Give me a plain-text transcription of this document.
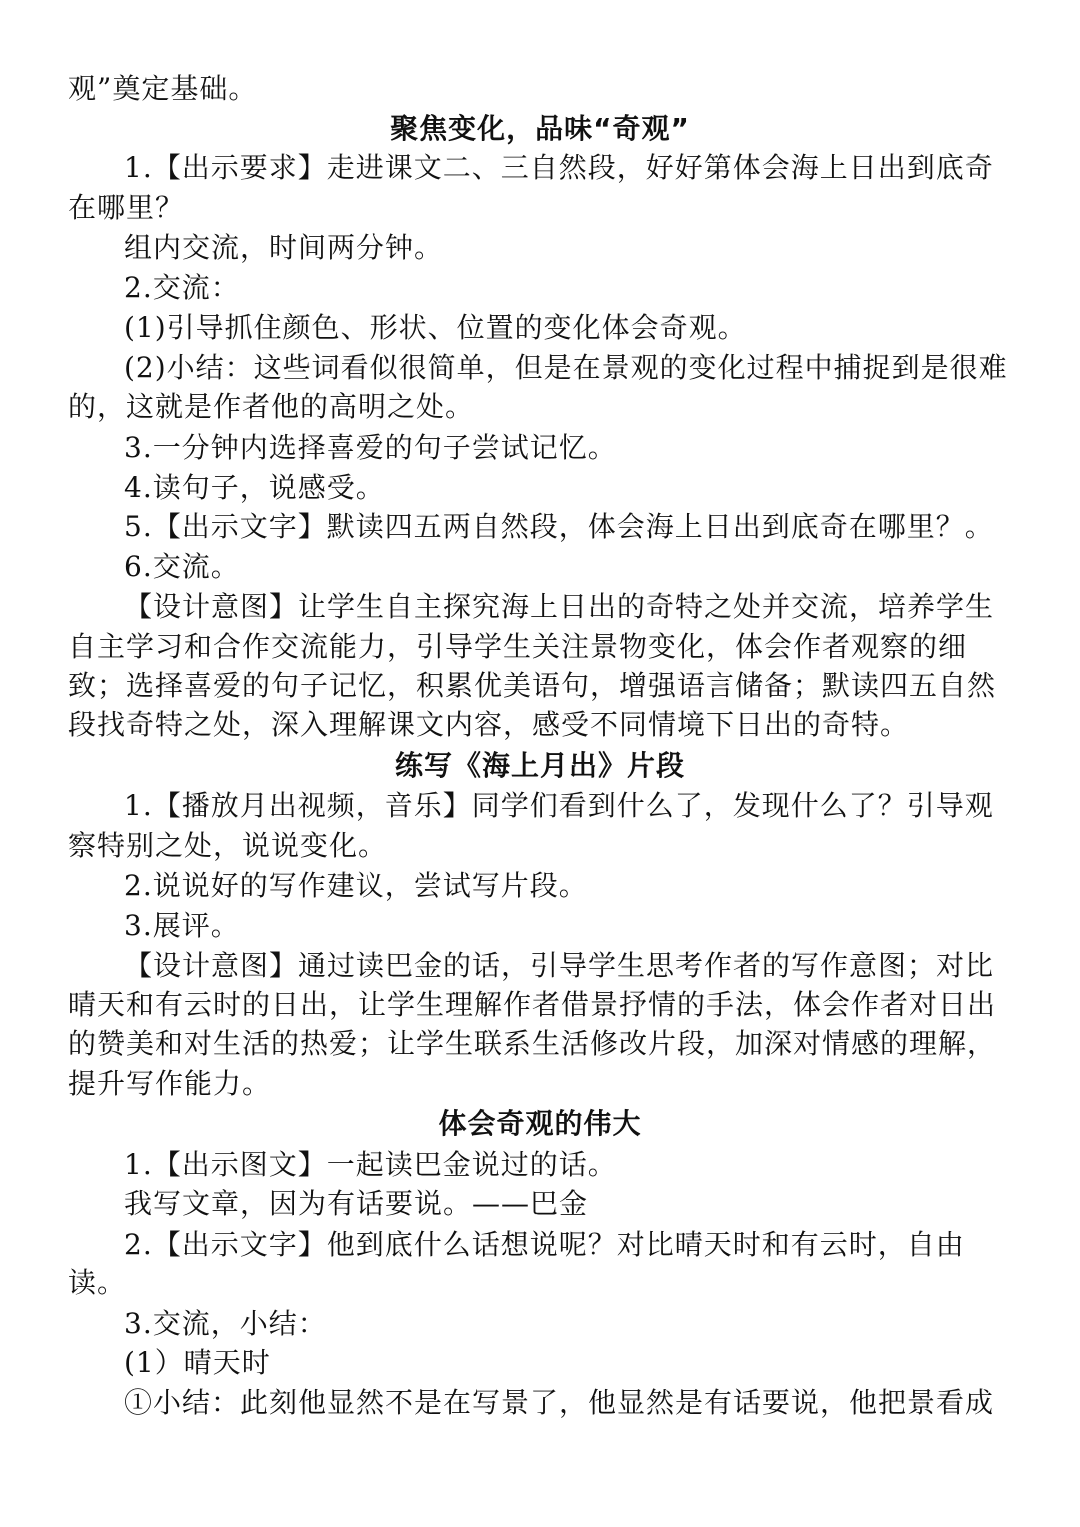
观”奠定基础。
聚焦变化，品味“奇观”
1.【出示要求】走进课文二、三自然段，好好第体会海上日出到底奇
在哪里？
组内交流，时间两分钟。
2.交流：
(1)引导抓住颜色、形状、位置的变化体会奇观。
(2)小结：这些词看似很简单，但是在景观的变化过程中捕捉到是很难
的，这就是作者他的高明之处。
3.一分钟内选择喜爱的句子尝试记忆。
4.读句子，说感受。
5.【出示文字】默读四五两自然段，体会海上日出到底奇在哪里？。
6.交流。
【设计意图】让学生自主探究海上日出的奇特之处并交流，培养学生
自主学习和合作交流能力，引导学生关注景物变化，体会作者观察的细
致；选择喜爱的句子记忆，积累优美语句，增强语言储备；默读四五自然
段找奇特之处，深入理解课文内容，感受不同情境下日出的奇特。
练写《海上月出》片段
1.【播放月出视频，音乐】同学们看到什么了，发现什么了？引导观
察特别之处，说说变化。
2.说说好的写作建议，尝试写片段。
3.展评。
【设计意图】通过读巴金的话，引导学生思考作者的写作意图；对比
晴天和有云时的日出，让学生理解作者借景抒情的手法，体会作者对日出
的赞美和对生活的热爱；让学生联系生活修改片段，加深对情感的理解，
提升写作能力。
体会奇观的伟大
1.【出示图文】一起读巴金说过的话。
我写文章，因为有话要说。——巴金
2.【出示文字】他到底什么话想说呢？对比晴天时和有云时，自由
读。
3.交流，小结：
(1）晴天时
①小结：此刻他显然不是在写景了，他显然是有话要说，他把景看成
